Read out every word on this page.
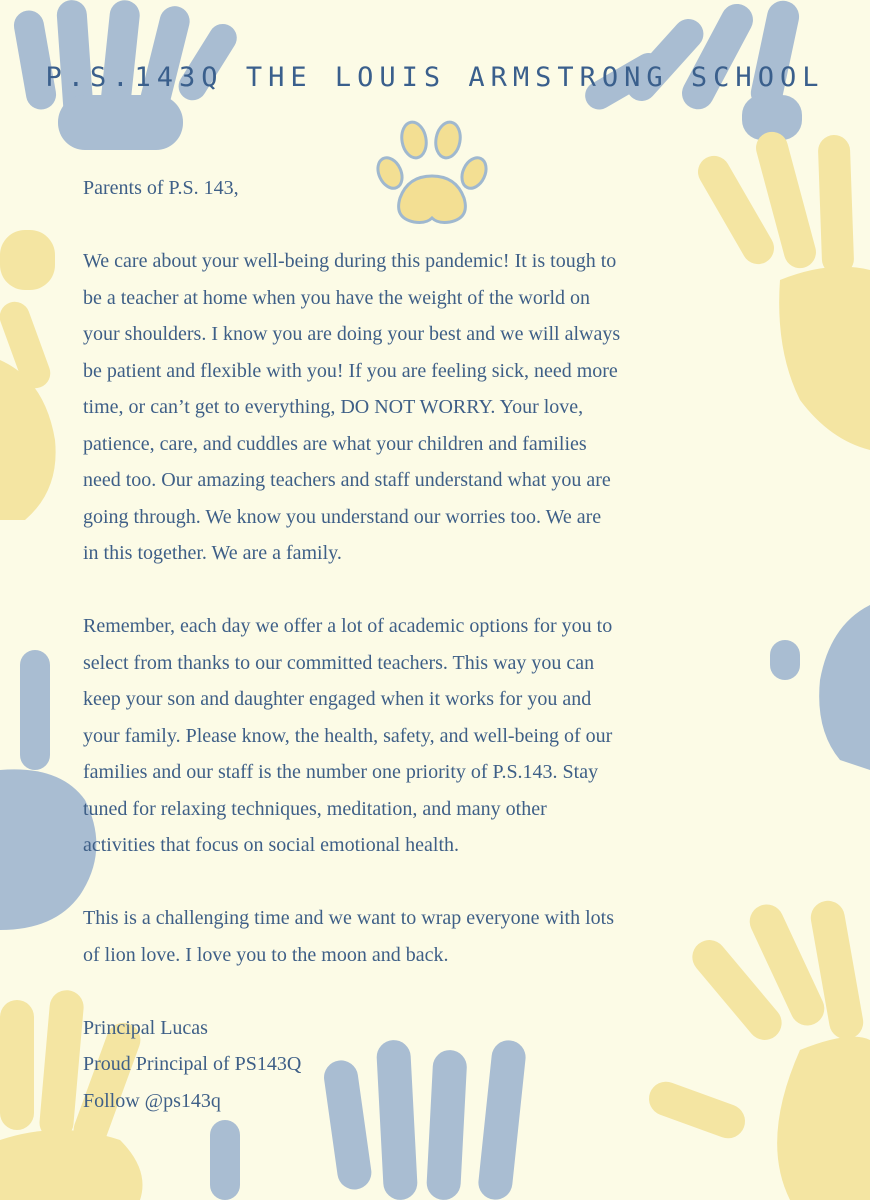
P.S.143Q THE LOUIS ARMSTRONG SCHOOL

Parents of P.S. 143,

We care about your well-being during this pandemic! It is tough to

be a teacher at home when you have the weight of the world on

your shoulders. I know you are doing your best and we will always

be patient and flexible with you! If you are feeling sick, need more

time, or can’t get to everything, DO NOT WORRY. Your love,

patience, care, and cuddles are what your children and families

need too. Our amazing teachers and staff understand what you are

going through. We know you understand our worries too. We are

in this together. We are a family.

Remember, each day we offer a lot of academic options for you to

select from thanks to our committed teachers. This way you can

keep your son and daughter engaged when it works for you and

your family. Please know, the health, safety, and well-being of our

families and our staff is the number one priority of P.S.143. Stay

tuned for relaxing techniques, meditation, and many other

activities that focus on social emotional health.

This is a challenging time and we want to wrap everyone with lots

of lion love. I love you to the moon and back.

Principal Lucas

Proud Principal of PS143Q

Follow @ps143q
